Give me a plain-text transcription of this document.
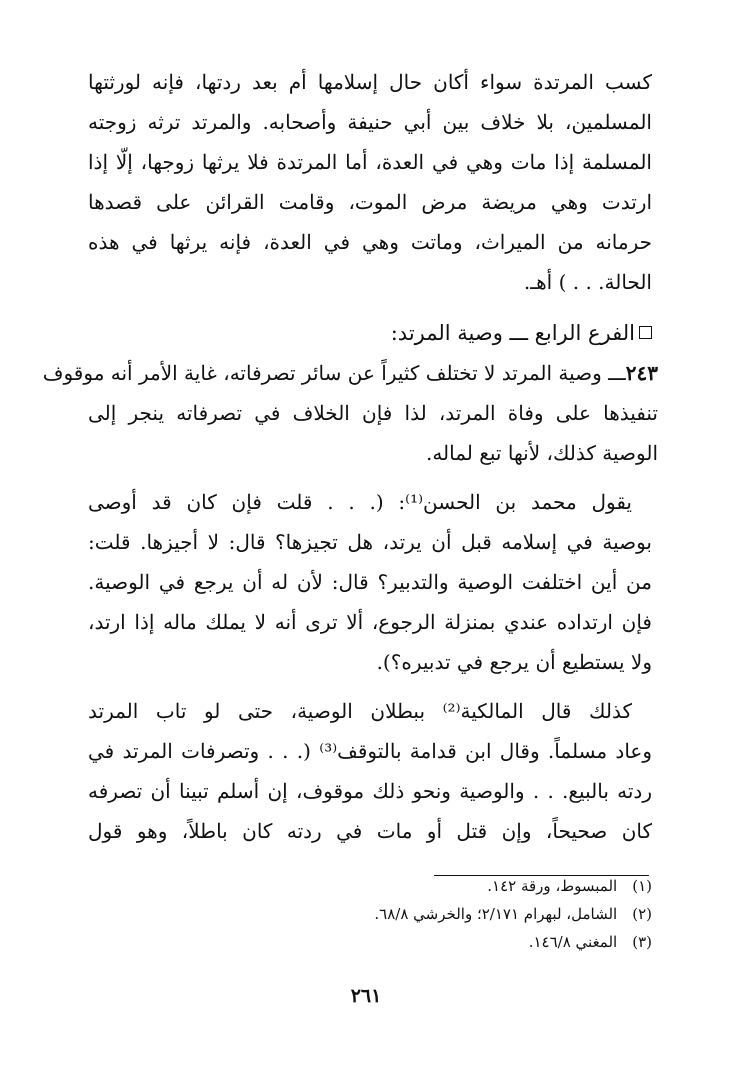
كسب المرتدة سواء أكان حال إسلامها أم بعد ردتها، فإنه لورثتها
المسلمين، بلا خلاف بين أبي حنيفة وأصحابه. والمرتد ترثه زوجته
المسلمة إذا مات وهي في العدة، أما المرتدة فلا يرثها زوجها، إلّا إذا
ارتدت وهي مريضة مرض الموت، وقامت القرائن على قصدها
حرمانه من الميراث، وماتت وهي في العدة، فإنه يرثها في هذه
الحالة. . . ) أهـ.
الفرع الرابع ـــ وصية المرتد:
٢٤٣ـــ وصية المرتد لا تختلف كثيراً عن سائر تصرفاته، غاية الأمر أنه موقوف
تنفيذها على وفاة المرتد، لذا فإن الخلاف في تصرفاته ينجر إلى
الوصية كذلك، لأنها تبع لماله.
يقول محمد بن الحسن⁽¹⁾: (. . . قلت فإن كان قد أوصى
بوصية في إسلامه قبل أن يرتد، هل تجيزها؟ قال: لا أجيزها. قلت:
من أين اختلفت الوصية والتدبير؟ قال: لأن له أن يرجع في الوصية.
فإن ارتداده عندي بمنزلة الرجوع، ألا ترى أنه لا يملك ماله إذا ارتد،
ولا يستطيع أن يرجع في تدبيره؟).
كذلك قال المالكية⁽²⁾ ببطلان الوصية، حتى لو تاب المرتد
وعاد مسلماً. وقال ابن قدامة بالتوقف⁽³⁾ (. . . وتصرفات المرتد في
ردته بالبيع. . . والوصية ونحو ذلك موقوف، إن أسلم تبينا أن تصرفه
كان صحيحاً، وإن قتل أو مات في ردته كان باطلاً، وهو قول
(١) المبسوط، ورقة ١٤٢.
(٢) الشامل، لبهرام ٢/١٧١؛ والخرشي ٦٨/٨.
(٣) المغني ١٤٦/٨.
٢٦١
